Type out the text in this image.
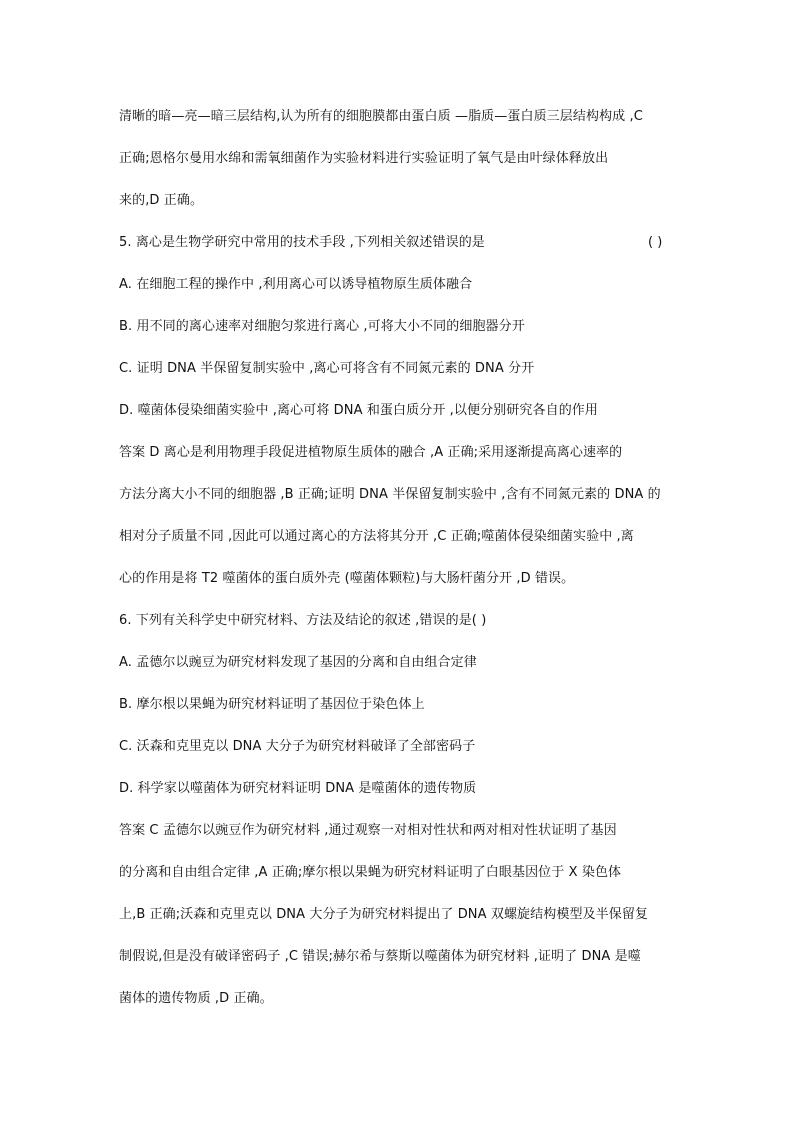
清晰的暗—亮—暗三层结构,认为所有的细胞膜都由蛋白质 —脂质—蛋白质三层结构构成 ,C
正确;恩格尔曼用水绵和需氧细菌作为实验材料进行实验证明了氧气是由叶绿体释放出
来的,D 正确。
5. 离心是生物学研究中常用的技术手段 ,下列相关叙述错误的是	( )
A. 在细胞工程的操作中 ,利用离心可以诱导植物原生质体融合
B. 用不同的离心速率对细胞匀浆进行离心 ,可将大小不同的细胞器分开
C. 证明 DNA 半保留复制实验中 ,离心可将含有不同氮元素的 DNA 分开
D. 噬菌体侵染细菌实验中 ,离心可将 DNA 和蛋白质分开 ,以便分别研究各自的作用
答案 D 离心是利用物理手段促进植物原生质体的融合 ,A 正确;采用逐渐提高离心速率的
方法分离大小不同的细胞器 ,B 正确;证明 DNA 半保留复制实验中 ,含有不同氮元素的 DNA 的
相对分子质量不同 ,因此可以通过离心的方法将其分开 ,C 正确;噬菌体侵染细菌实验中 ,离
心的作用是将 T2 噬菌体的蛋白质外壳 (噬菌体颗粒)与大肠杆菌分开 ,D 错误。
6. 下列有关科学史中研究材料、方法及结论的叙述 ,错误的是( )
A. 孟德尔以豌豆为研究材料发现了基因的分离和自由组合定律
B. 摩尔根以果蝇为研究材料证明了基因位于染色体上
C. 沃森和克里克以 DNA 大分子为研究材料破译了全部密码子
D. 科学家以噬菌体为研究材料证明 DNA 是噬菌体的遗传物质
答案 C 孟德尔以豌豆作为研究材料 ,通过观察一对相对性状和两对相对性状证明了基因
的分离和自由组合定律 ,A 正确;摩尔根以果蝇为研究材料证明了白眼基因位于 X 染色体
上,B 正确;沃森和克里克以 DNA 大分子为研究材料提出了 DNA 双螺旋结构模型及半保留复
制假说,但是没有破译密码子 ,C 错误;赫尔希与蔡斯以噬菌体为研究材料 ,证明了 DNA 是噬
菌体的遗传物质 ,D 正确。
